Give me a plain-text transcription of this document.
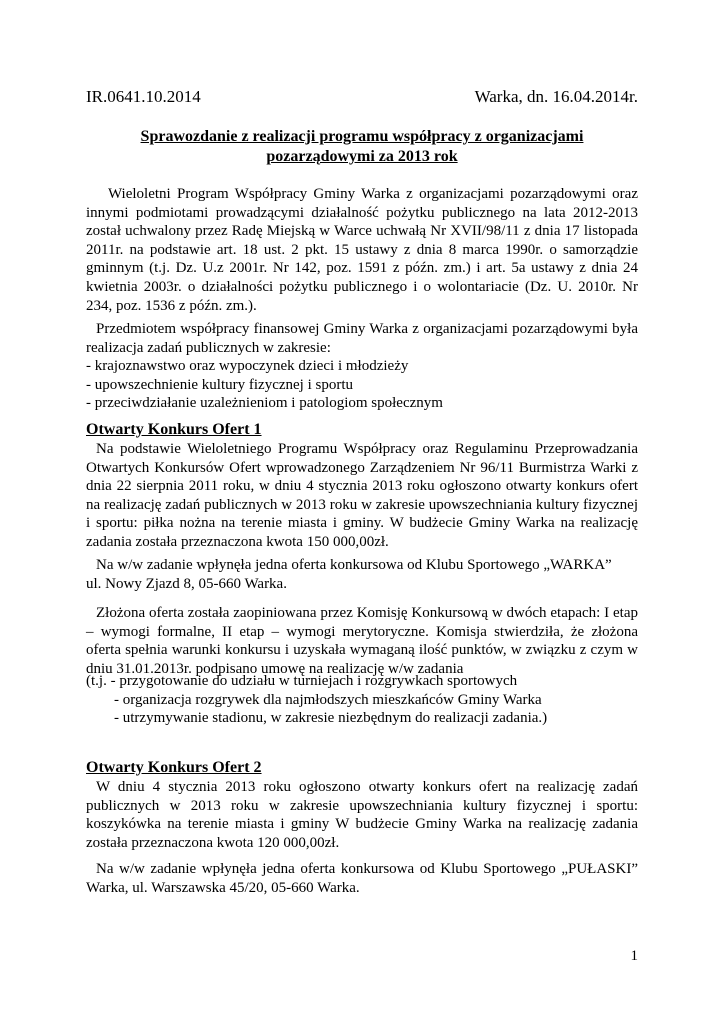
IR.0641.10.2014	Warka, dn. 16.04.2014r.
Sprawozdanie z realizacji programu współpracy z organizacjami pozarządowymi za 2013 rok
Wieloletni Program Współpracy Gminy Warka z organizacjami pozarządowymi oraz innymi podmiotami prowadzącymi działalność pożytku publicznego na lata 2012-2013 został uchwalony przez Radę Miejską w Warce uchwałą Nr XVII/98/11 z dnia 17 listopada 2011r. na podstawie art. 18 ust. 2 pkt. 15 ustawy z dnia 8 marca 1990r. o samorządzie gminnym (t.j. Dz. U.z 2001r. Nr 142, poz. 1591 z późn. zm.) i art. 5a ustawy z dnia 24 kwietnia 2003r. o działalności pożytku publicznego i o wolontariacie (Dz. U. 2010r. Nr 234, poz. 1536 z późn. zm.).
Przedmiotem współpracy finansowej Gminy Warka z organizacjami pozarządowymi była realizacja zadań publicznych w zakresie:
- krajoznawstwo oraz wypoczynek dzieci i młodzieży
- upowszechnienie kultury fizycznej i sportu
- przeciwdziałanie uzależnieniom i patologiom społecznym
Otwarty Konkurs Ofert 1
Na podstawie Wieloletniego Programu Współpracy oraz Regulaminu Przeprowadzania Otwartych Konkursów Ofert wprowadzonego Zarządzeniem Nr 96/11 Burmistrza Warki z dnia 22 sierpnia 2011 roku, w dniu 4 stycznia 2013 roku ogłoszono otwarty konkurs ofert na realizację zadań publicznych w 2013 roku w zakresie upowszechniania kultury fizycznej i sportu: piłka nożna na terenie miasta i gminy. W budżecie Gminy Warka na realizację zadania została przeznaczona kwota 150 000,00zł.
Na w/w zadanie wpłynęła jedna oferta konkursowa od Klubu Sportowego „WARKA”
ul. Nowy Zjazd 8, 05-660 Warka.
Złożona oferta została zaopiniowana przez Komisję Konkursową w dwóch etapach: I etap – wymogi formalne, II etap – wymogi merytoryczne. Komisja stwierdziła, że złożona oferta spełnia warunki konkursu i uzyskała wymaganą ilość punktów, w związku z czym w dniu 31.01.2013r. podpisano umowę na realizację w/w zadania
(t.j. - przygotowanie do udziału w turniejach i rozgrywkach sportowych
- organizacja rozgrywek dla najmłodszych mieszkańców Gminy Warka
- utrzymywanie stadionu, w zakresie niezbędnym do realizacji zadania.)
Otwarty Konkurs Ofert 2
W dniu 4 stycznia 2013 roku ogłoszono otwarty konkurs ofert na realizację zadań publicznych w 2013 roku w zakresie upowszechniania kultury fizycznej i sportu: koszykówka na terenie miasta i gminy W budżecie Gminy Warka na realizację zadania została przeznaczona kwota 120 000,00zł.
Na w/w zadanie wpłynęła jedna oferta konkursowa od Klubu Sportowego „PUŁASKI” Warka, ul. Warszawska 45/20, 05-660 Warka.
1
